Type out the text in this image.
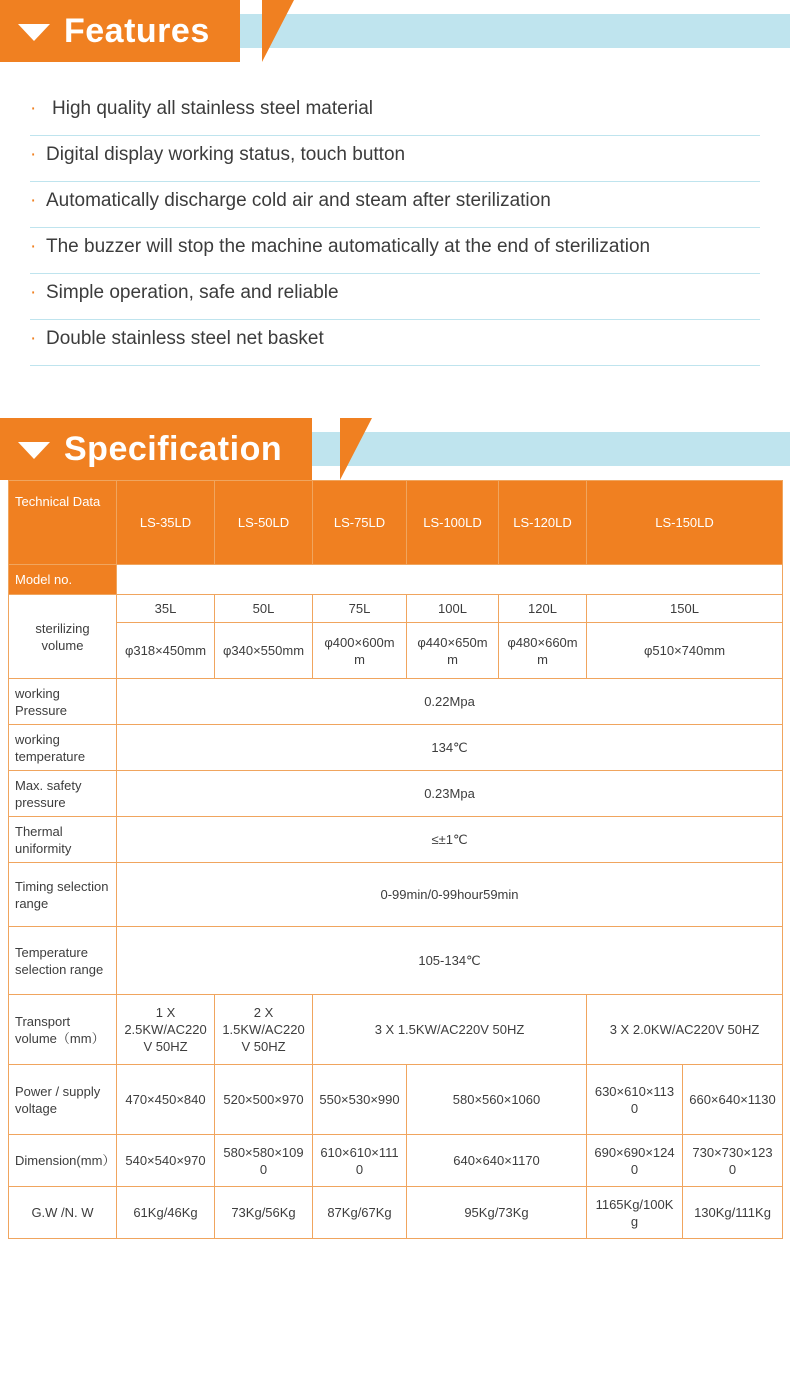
Features
· High quality all stainless steel material
· Digital display working status, touch button
· Automatically discharge cold air and steam after sterilization
· The buzzer will stop the machine automatically at the end of sterilization
· Simple operation, safe and reliable
· Double stainless steel net basket
Specification
Technical Data	LS-35LD	LS-50LD	LS-75LD	LS-100LD	LS-120LD	LS-150LD	
Model no.							
sterilizing volume	35L	50L	75L	100L	120L	150L	
	φ318×450mm	φ340×550mm	φ400×600mm	φ440×650mm	φ480×660mm	φ510×740mm	
working Pressure	0.22Mpa						
working temperature	134℃						
Max. safety pressure	0.23Mpa						
Thermal uniformity	≤±1℃						
Timing selection range	0-99min/0-99hour59min						
Temperature selection range	105-134℃						
Transport volume（mm）	1 X 2.5KW/AC220V 50HZ	2 X 1.5KW/AC220V 50HZ	3 X 1.5KW/AC220V 50HZ			3 X 2.0KW/AC220V 50HZ	
Power / supply voltage	470×450×840	520×500×970	550×530×990	580×560×1060		630×610×1130	660×640×1130
Dimension(mm）	540×540×970	580×580×1090	610×610×1110	640×640×1170		690×690×1240	730×730×1230
G.W /N. W	61Kg/46Kg	73Kg/56Kg	87Kg/67Kg	95Kg/73Kg		1165Kg/100Kg	130Kg/111Kg
